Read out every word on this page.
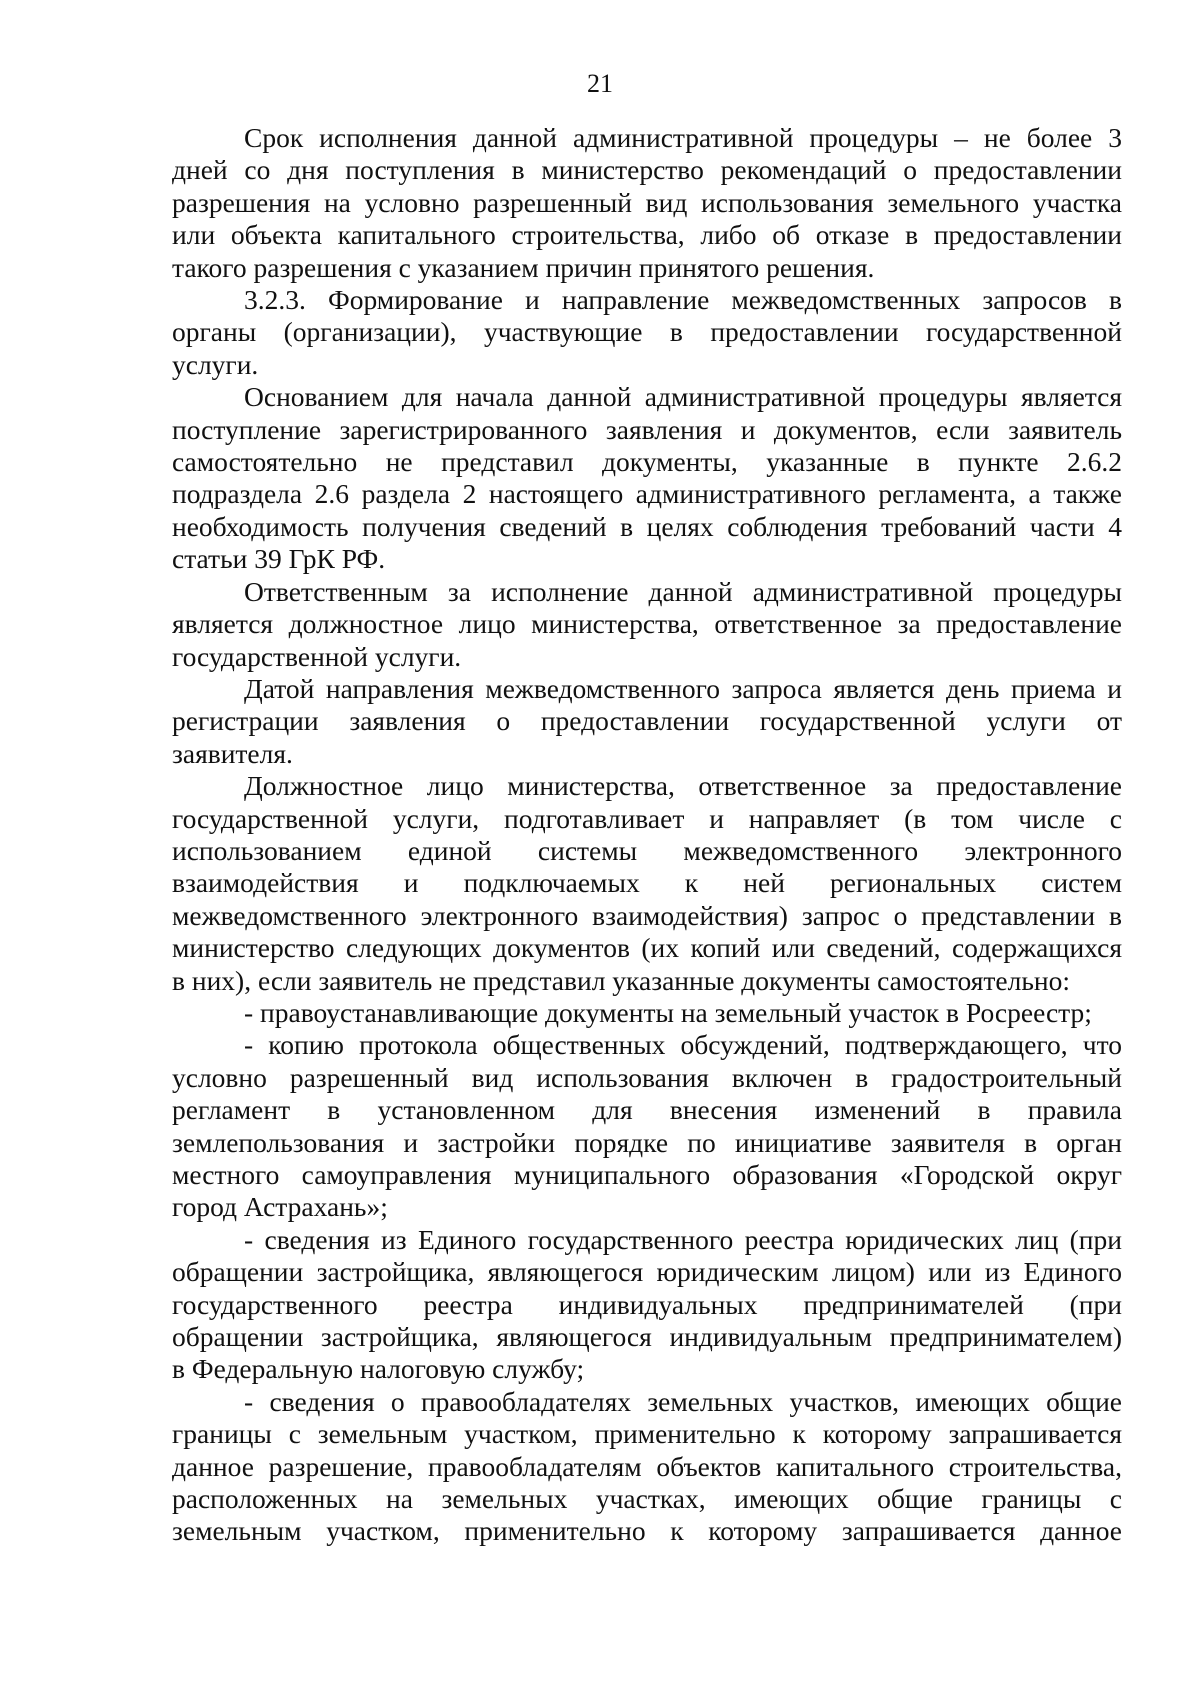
21

Срок исполнения данной административной процедуры – не более 3
дней со дня поступления в министерство рекомендаций о предоставлении
разрешения на условно разрешенный вид использования земельного участка
или объекта капитального строительства, либо об отказе в предоставлении
такого разрешения с указанием причин принятого решения.

3.2.3. Формирование и направление межведомственных запросов в
органы (организации), участвующие в предоставлении государственной
услуги.

Основанием для начала данной административной процедуры является
поступление зарегистрированного заявления и документов, если заявитель
самостоятельно не представил документы, указанные в пункте 2.6.2
подраздела 2.6 раздела 2 настоящего административного регламента, а также
необходимость получения сведений в целях соблюдения требований части 4
статьи 39 ГрК РФ.

Ответственным за исполнение данной административной процедуры
является должностное лицо министерства, ответственное за предоставление
государственной услуги.

Датой направления межведомственного запроса является день приема и
регистрации заявления о предоставлении государственной услуги от
заявителя.

Должностное лицо министерства, ответственное за предоставление
государственной услуги, подготавливает и направляет (в том числе с
использованием единой системы межведомственного электронного
взаимодействия и подключаемых к ней региональных систем
межведомственного электронного взаимодействия) запрос о представлении в
министерство следующих документов (их копий или сведений, содержащихся
в них), если заявитель не представил указанные документы самостоятельно:

- правоустанавливающие документы на земельный участок в Росреестр;

- копию протокола общественных обсуждений, подтверждающего, что
условно разрешенный вид использования включен в градостроительный
регламент в установленном для внесения изменений в правила
землепользования и застройки порядке по инициативе заявителя в орган
местного самоуправления муниципального образования «Городской округ
город Астрахань»;

- сведения из Единого государственного реестра юридических лиц (при
обращении застройщика, являющегося юридическим лицом) или из Единого
государственного реестра индивидуальных предпринимателей (при
обращении застройщика, являющегося индивидуальным предпринимателем)
в Федеральную налоговую службу;

- сведения о правообладателях земельных участков, имеющих общие
границы с земельным участком, применительно к которому запрашивается
данное разрешение, правообладателям объектов капитального строительства,
расположенных на земельных участках, имеющих общие границы с
земельным участком, применительно к которому запрашивается данное
